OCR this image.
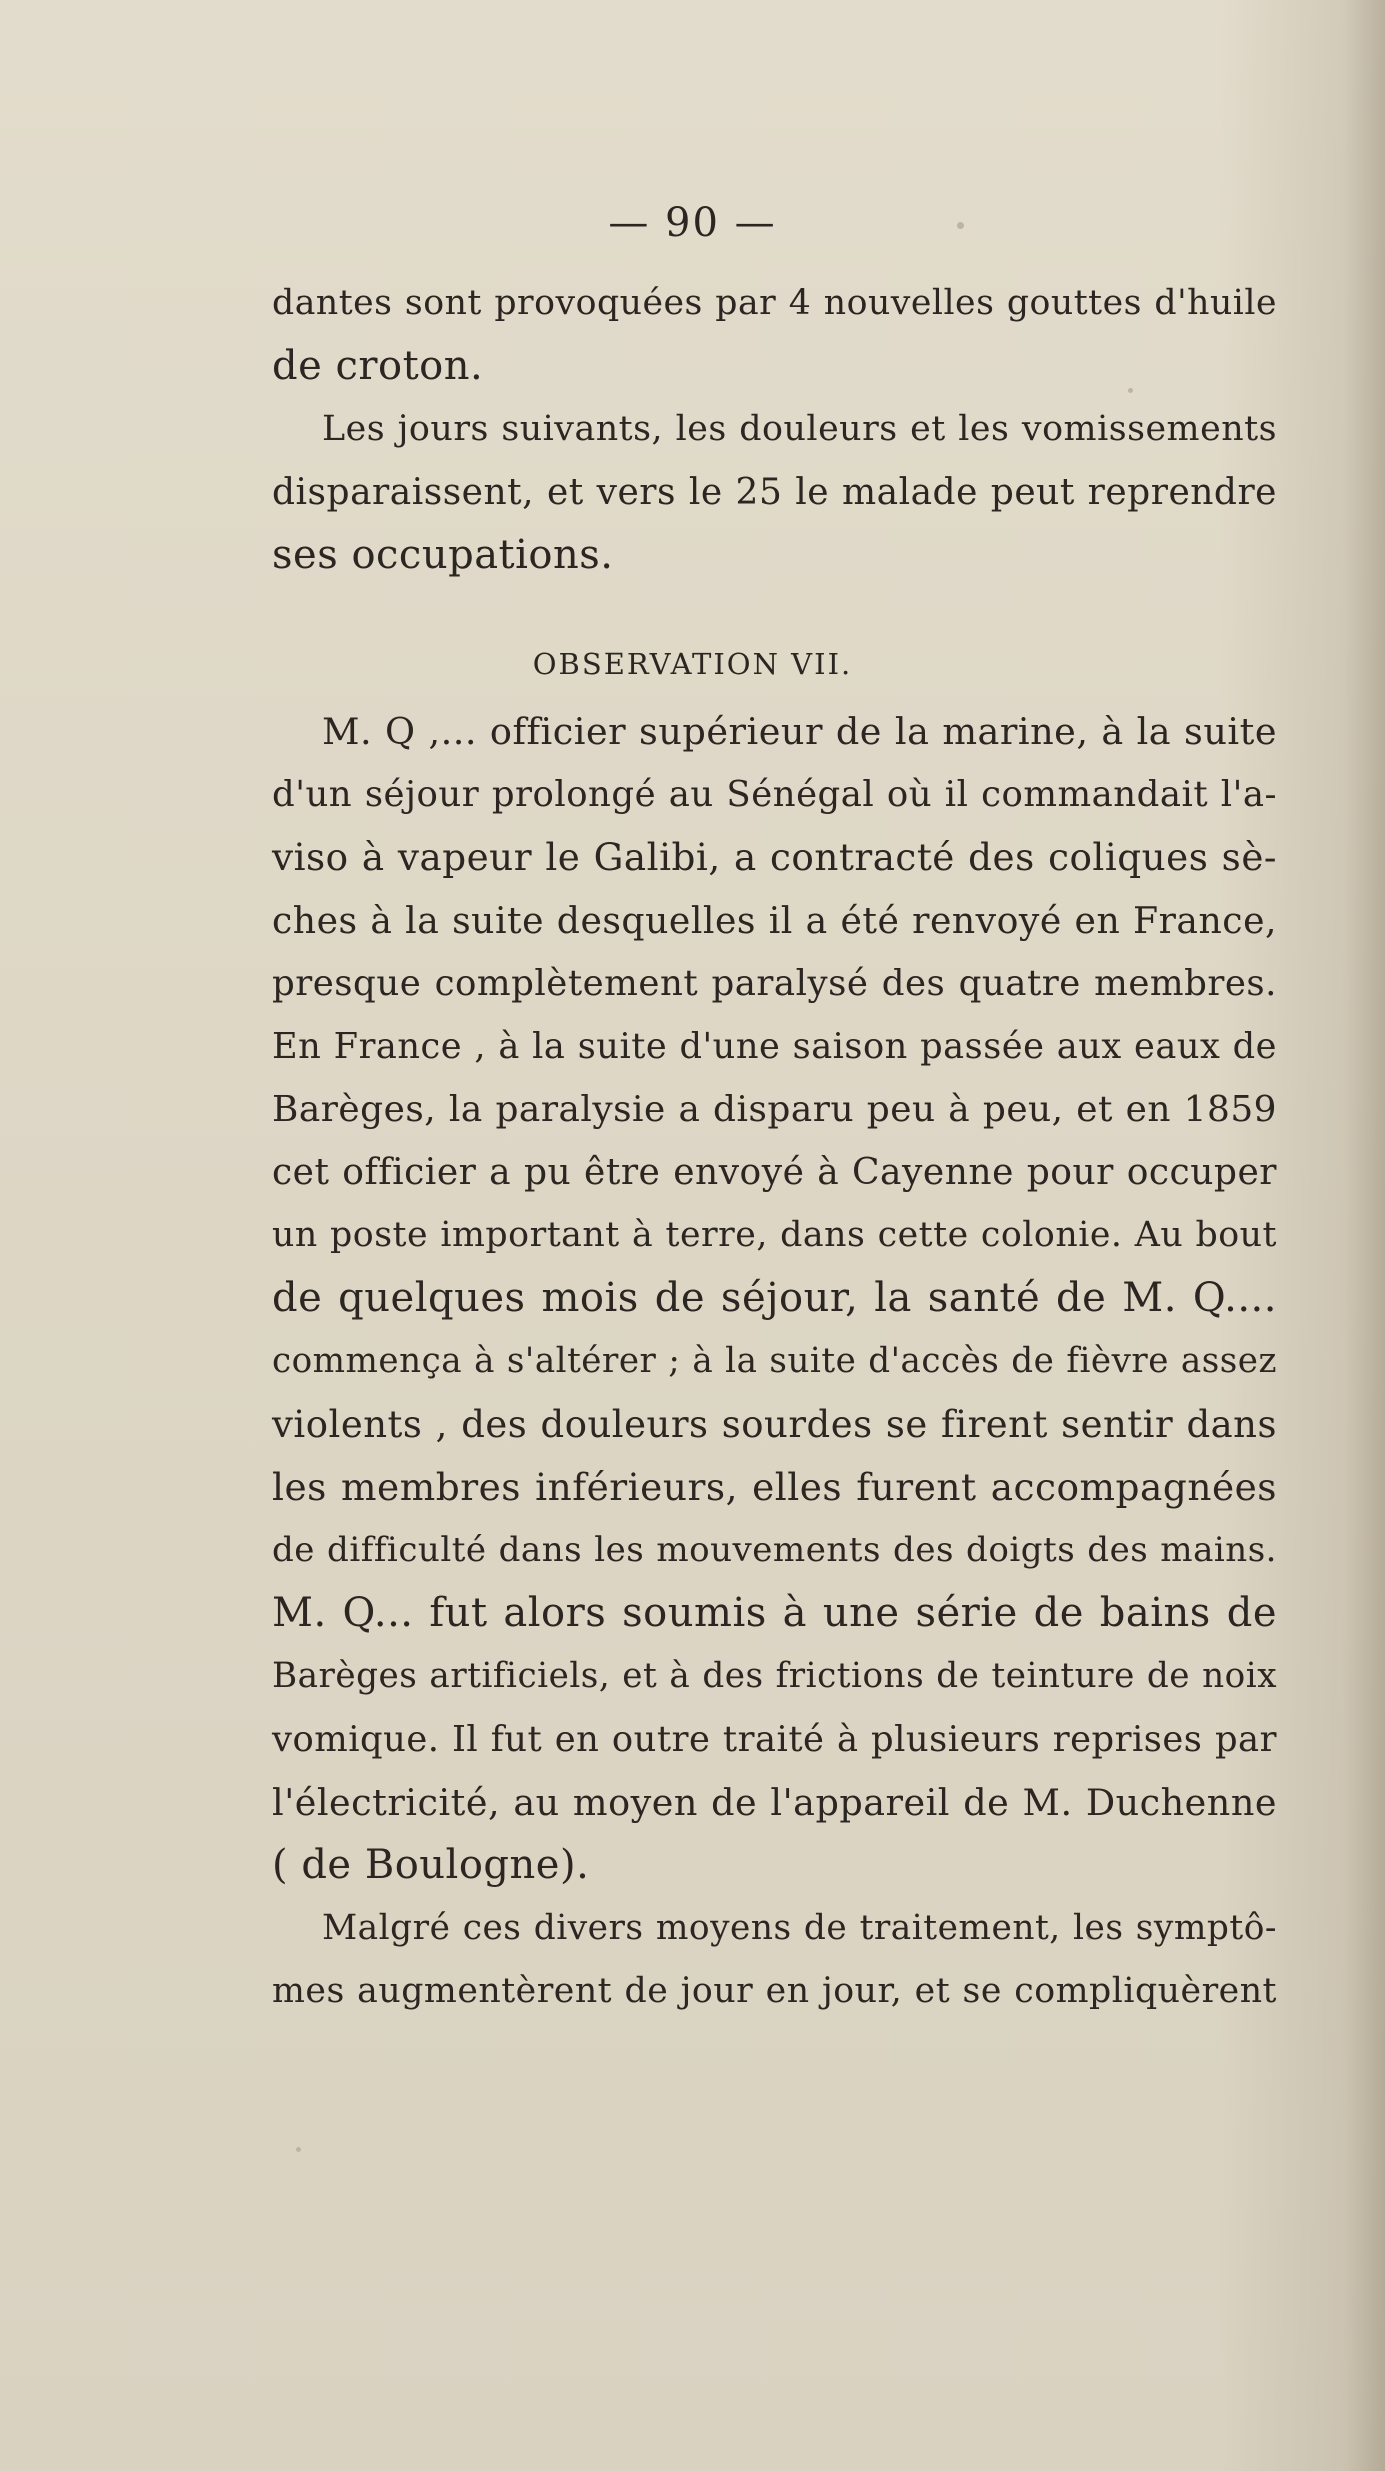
— 90 —
dantes sont provoquées par 4 nouvelles gouttes d'huile
de croton.
Les jours suivants, les douleurs et les vomissements
disparaissent, et vers le 25 le malade peut reprendre
ses occupations.
OBSERVATION VII.
M. Q ,... officier supérieur de la marine, à la suite
d'un séjour prolongé au Sénégal où il commandait l'a-
viso à vapeur le Galibi, a contracté des coliques sè-
ches à la suite desquelles il a été renvoyé en France,
presque complètement paralysé des quatre membres.
En France , à la suite d'une saison passée aux eaux de
Barèges, la paralysie a disparu peu à peu, et en 1859
cet officier a pu être envoyé à Cayenne pour occuper
un poste important à terre, dans cette colonie. Au bout
de quelques mois de séjour, la santé de M. Q....
commença à s'altérer ; à la suite d'accès de fièvre assez
violents , des douleurs sourdes se firent sentir dans
les membres inférieurs, elles furent accompagnées
de difficulté dans les mouvements des doigts des mains.
M. Q... fut alors soumis à une série de bains de
Barèges artificiels, et à des frictions de teinture de noix
vomique. Il fut en outre traité à plusieurs reprises par
l'électricité, au moyen de l'appareil de M. Duchenne
( de Boulogne).
Malgré ces divers moyens de traitement, les symptô-
mes augmentèrent de jour en jour, et se compliquèrent
